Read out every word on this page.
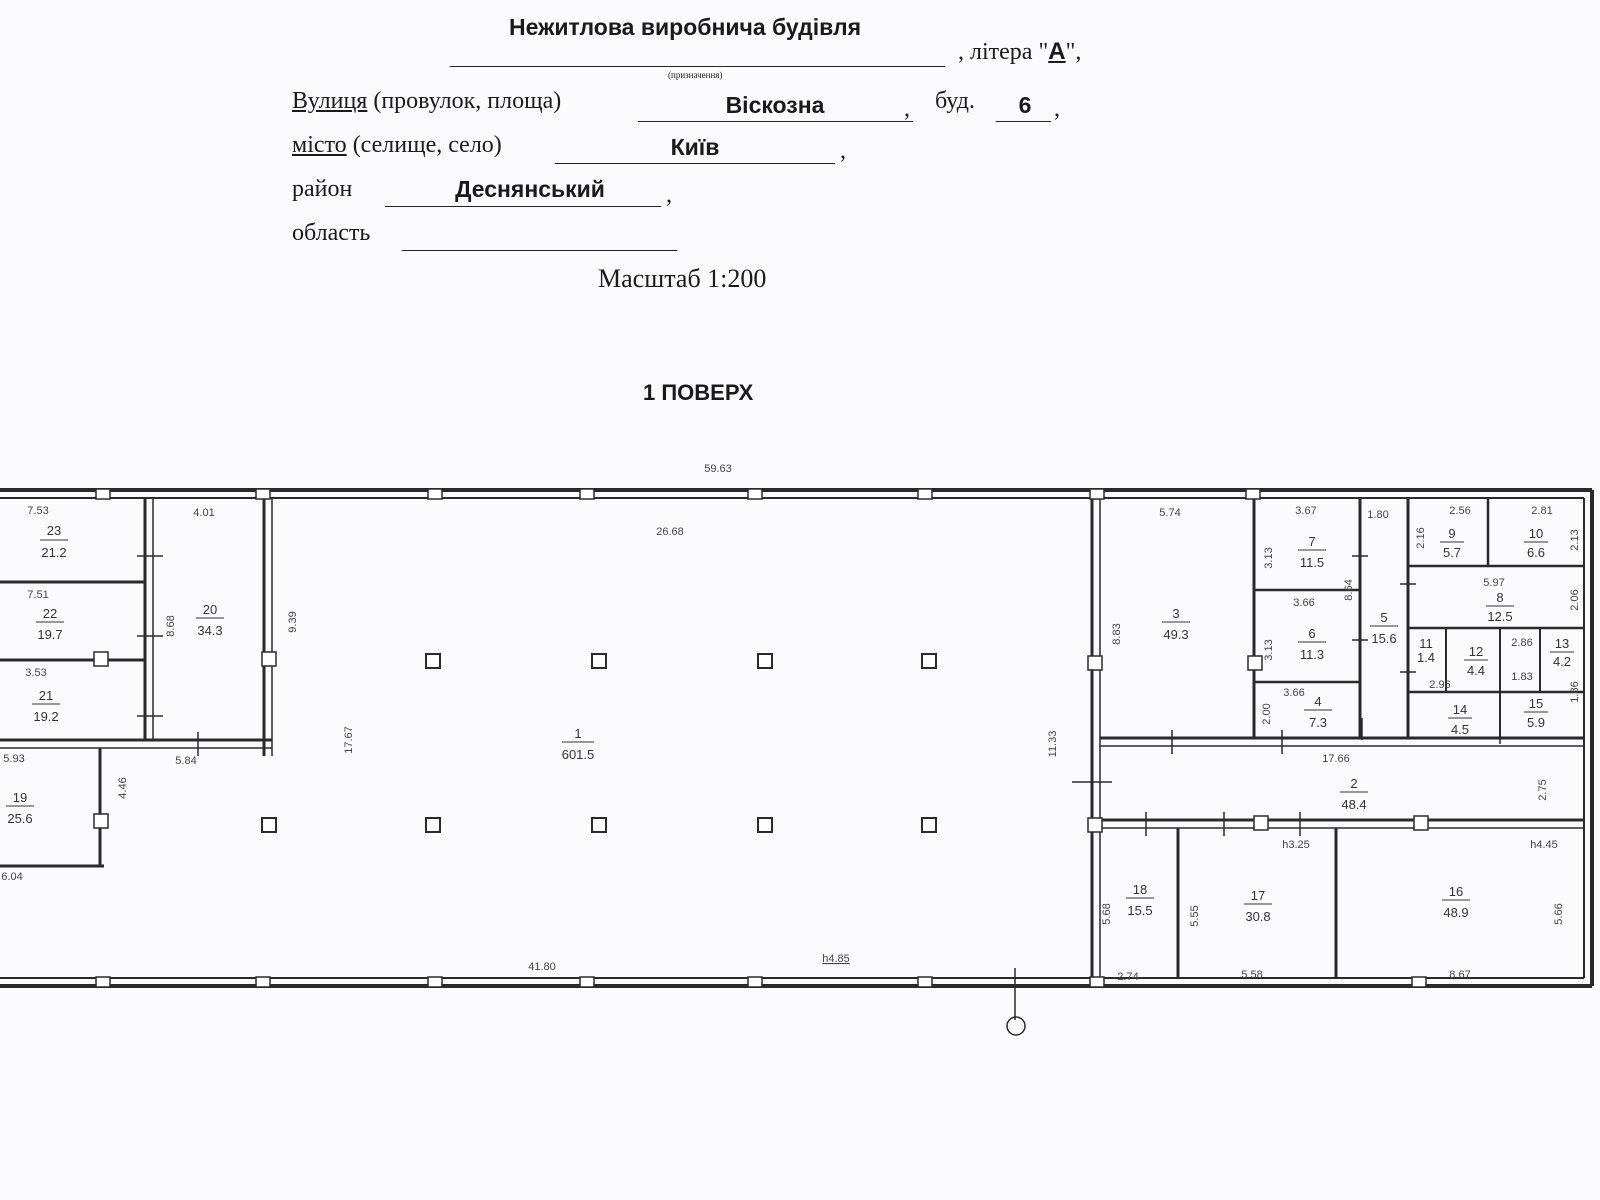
Нежитлова виробнича будівля
(призначення)
, літера "А",
Вулиця (провулок, площа)	Віскозна	, буд.	6 ,
місто (селище, село)	Київ	,
район	Деснянський	,
область
Масштаб 1:200
1 ПОВЕРХ
23
21.2
22
19.7
21
19.2
19
25.6
20
34.3
1
601.5
3
49.3
7
11.5
6
11.3
4
7.3
5
15.6
9
5.7
10
6.6
8
12.5
11
1.4	12
4.4
13
4.2
14
4.5
15
5.9
2
48.4
18
15.5
17
30.8
16
48.9
59.63
26.68
7.53
7.51
3.53
5.93
6.04
4.01
5.84
41.80
h4.85
5.74	3.67	1.80
3.66
3.66
2.56	2.81
5.97
2.86
2.96
1.83
17.66
h3.25	h4.45
2.74	5.58	8.67
8.68	9.39
4.46
17.67	11.33
8.83
3.13
3.13
2.00
8.64
2.16	2.13
2.06
1.86
2.75
5.68	5.55	5.66
